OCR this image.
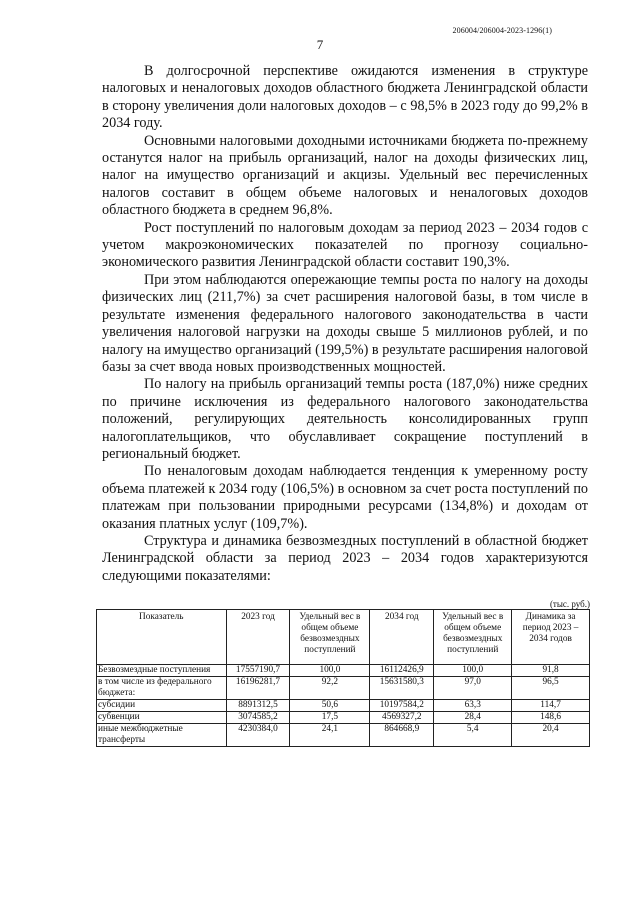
206004/206004-2023-1296(1)
7

В долгосрочной перспективе ожидаются изменения в структуре налоговых и неналоговых доходов областного бюджета Ленинградской области в сторону увеличения доли налоговых доходов – с 98,5% в 2023 году до 99,2% в 2034 году.

Основными налоговыми доходными источниками бюджета по-прежнему останутся налог на прибыль организаций, налог на доходы физических лиц, налог на имущество организаций и акцизы. Удельный вес перечисленных налогов составит в общем объеме налоговых и неналоговых доходов областного бюджета в среднем 96,8%.

Рост поступлений по налоговым доходам за период 2023 – 2034 годов с учетом макроэкономических показателей по прогнозу социально-экономического развития Ленинградской области составит 190,3%.

При этом наблюдаются опережающие темпы роста по налогу на доходы физических лиц (211,7%) за счет расширения налоговой базы, в том числе в результате изменения федерального налогового законодательства в части увеличения налоговой нагрузки на доходы свыше 5 миллионов рублей, и по налогу на имущество организаций (199,5%) в результате расширения налоговой базы за счет ввода новых производственных мощностей.

По налогу на прибыль организаций темпы роста (187,0%) ниже средних по причине исключения из федерального налогового законодательства положений, регулирующих деятельность консолидированных групп налогоплательщиков, что обуславливает сокращение поступлений в региональный бюджет.

По неналоговым доходам наблюдается тенденция к умеренному росту объема платежей к 2034 году (106,5%) в основном за счет роста поступлений по платежам при пользовании природными ресурсами (134,8%) и доходам от оказания платных услуг (109,7%).

Структура и динамика безвозмездных поступлений в областной бюджет Ленинградской области за период 2023 – 2034 годов характеризуются следующими показателями:

(тыс. руб.)
Показатель	2023 год	Удельный вес в общем объеме безвозмездных поступлений	2034 год	Удельный вес в общем объеме безвозмездных поступлений	Динамика за период 2023 – 2034 годов
Безвозмездные поступления	17557190,7	100,0	16112426,9	100,0	91,8
в том числе из федерального бюджета:	16196281,7	92,2	15631580,3	97,0	96,5
субсидии	8891312,5	50,6	10197584,2	63,3	114,7
субвенции	3074585,2	17,5	4569327,2	28,4	148,6
иные межбюджетные трансферты	4230384,0	24,1	864668,9	5,4	20,4
